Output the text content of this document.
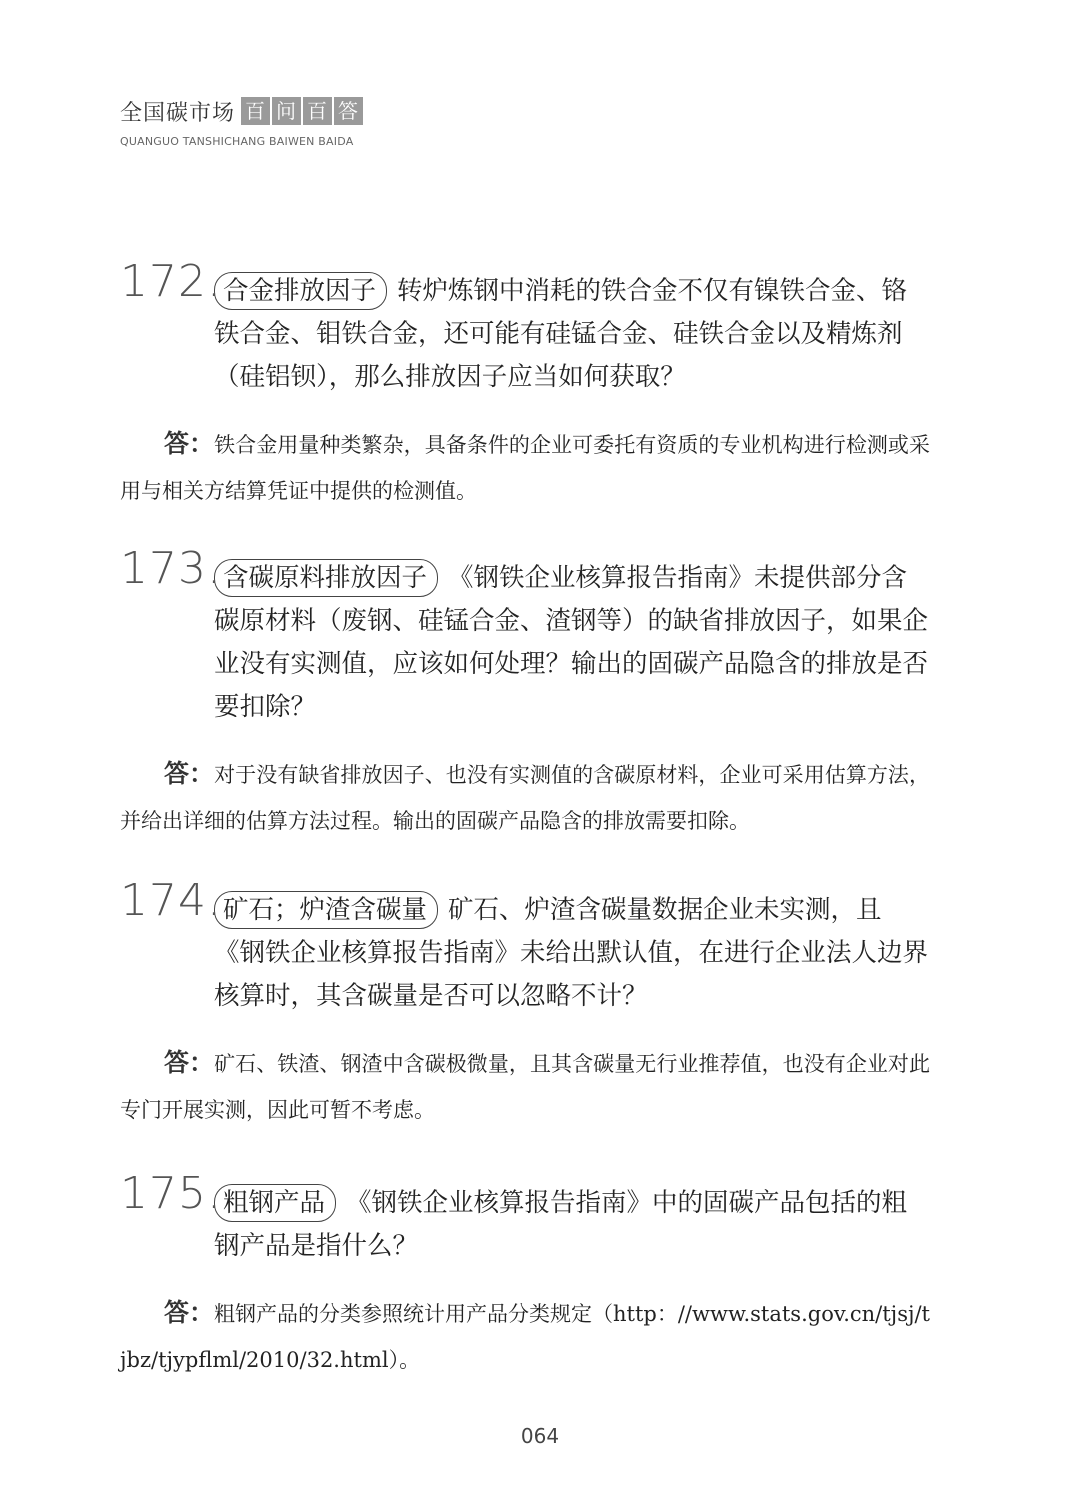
全国碳市场 百 问 百 答
QUANGUO TANSHICHANG BAIWEN BAIDA
172. 合金排放因子 转炉炼钢中消耗的铁合金不仅有镍铁合金、铬铁合金、钼铁合金，还可能有硅锰合金、硅铁合金以及精炼剂（硅铝钡），那么排放因子应当如何获取？
答：铁合金用量种类繁杂，具备条件的企业可委托有资质的专业机构进行检测或采用与相关方结算凭证中提供的检测值。
173. 含碳原料排放因子 《钢铁企业核算报告指南》未提供部分含碳原材料（废钢、硅锰合金、渣钢等）的缺省排放因子，如果企业没有实测值，应该如何处理？输出的固碳产品隐含的排放是否要扣除？
答：对于没有缺省排放因子、也没有实测值的含碳原材料，企业可采用估算方法，并给出详细的估算方法过程。输出的固碳产品隐含的排放需要扣除。
174. 矿石；炉渣含碳量 矿石、炉渣含碳量数据企业未实测，且《钢铁企业核算报告指南》未给出默认值，在进行企业法人边界核算时，其含碳量是否可以忽略不计？
答：矿石、铁渣、钢渣中含碳极微量，且其含碳量无行业推荐值，也没有企业对此专门开展实测，因此可暂不考虑。
175. 粗钢产品 《钢铁企业核算报告指南》中的固碳产品包括的粗钢产品是指什么？
答：粗钢产品的分类参照统计用产品分类规定（http：//www.stats.gov.cn/tjsj/tjbz/tjypflml/2010/32.html）。
064
